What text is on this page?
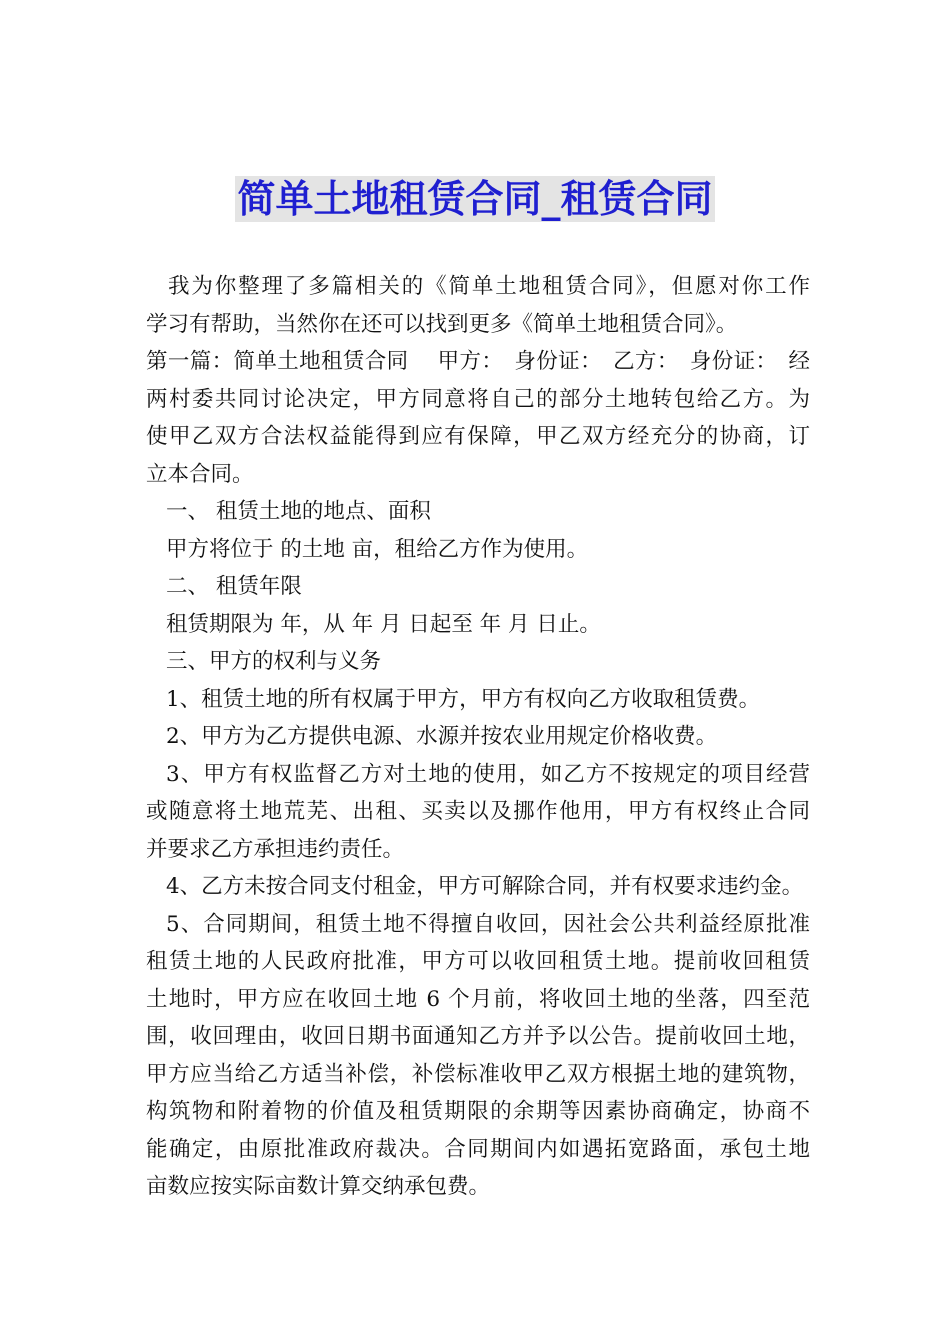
简单土地租赁合同_租赁合同
我为你整理了多篇相关的《简单土地租赁合同》，但愿对你工作
学习有帮助，当然你在还可以找到更多《简单土地租赁合同》。
第一篇：简单土地租赁合同　 甲方：　身份证：　乙方：　身份证：　经
两村委共同讨论决定，甲方同意将自己的部分土地转包给乙方。为
使甲乙双方合法权益能得到应有保障，甲乙双方经充分的协商，订
立本合同。
一、 租赁土地的地点、面积
甲方将位于 的土地 亩，租给乙方作为使用。
二、 租赁年限
租赁期限为 年，从 年 月 日起至 年 月 日止。
三、甲方的权利与义务
1、租赁土地的所有权属于甲方，甲方有权向乙方收取租赁费。
2、甲方为乙方提供电源、水源并按农业用规定价格收费。
3、甲方有权监督乙方对土地的使用，如乙方不按规定的项目经营
或随意将土地荒芜、出租、买卖以及挪作他用，甲方有权终止合同
并要求乙方承担违约责任。
4、乙方未按合同支付租金，甲方可解除合同，并有权要求违约金。
5、合同期间，租赁土地不得擅自收回，因社会公共利益经原批准
租赁土地的人民政府批准，甲方可以收回租赁土地。提前收回租赁
土地时，甲方应在收回土地 6 个月前，将收回土地的坐落，四至范
围，收回理由，收回日期书面通知乙方并予以公告。提前收回土地，
甲方应当给乙方适当补偿，补偿标准收甲乙双方根据土地的建筑物，
构筑物和附着物的价值及租赁期限的余期等因素协商确定，协商不
能确定，由原批准政府裁决。合同期间内如遇拓宽路面，承包土地
亩数应按实际亩数计算交纳承包费。
